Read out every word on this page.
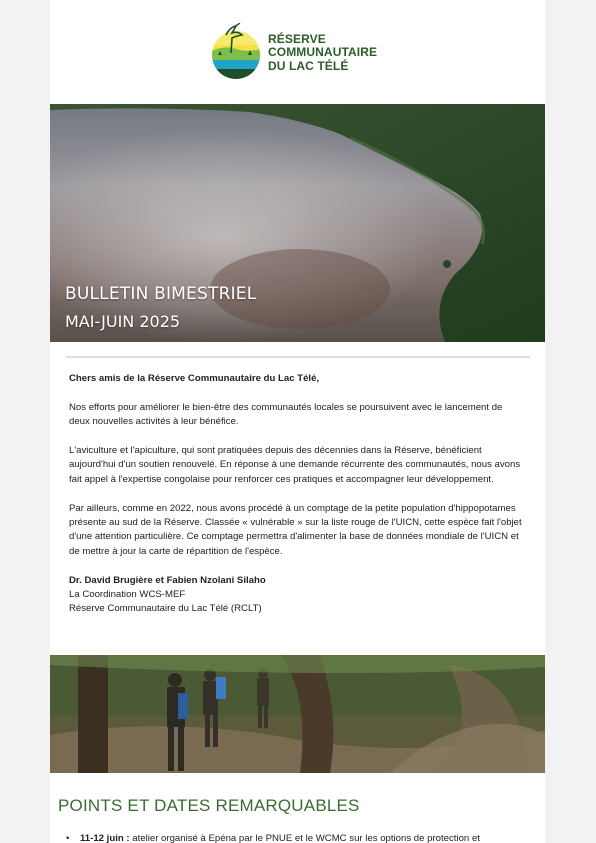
RÉSERVE
COMMUNAUTAIRE
DU LAC TÉLÉ
BULLETIN BIMESTRIEL
MAI-JUIN 2025

Chers amis de la Réserve Communautaire du Lac Télé,

Nos efforts pour améliorer le bien-être des communautés locales se poursuivent avec le lancement de deux nouvelles activités à leur bénéfice.

L'aviculture et l'apiculture, qui sont pratiquées depuis des décennies dans la Réserve, bénéficient aujourd'hui d'un soutien renouvelé. En réponse à une demande récurrente des communautés, nous avons fait appel à l'expertise congolaise pour renforcer ces pratiques et accompagner leur développement.

Par ailleurs, comme en 2022, nous avons procédé à un comptage de la petite population d'hippopotames présente au sud de la Réserve. Classée « vulnérable » sur la liste rouge de l'UICN, cette espèce fait l'objet d'une attention particulière. Ce comptage permettra d'alimenter la base de données mondiale de l'UICN et de mettre à jour la carte de répartition de l'espèce.

Dr. David Brugière et Fabien Nzolani Silaho
La Coordination WCS-MEF
Réserve Communautaire du Lac Télé (RCLT)
POINTS ET DATES REMARQUABLES
• 11-12 juin : atelier organisé à Epéna par le PNUE et le WCMC sur les options de protection et
